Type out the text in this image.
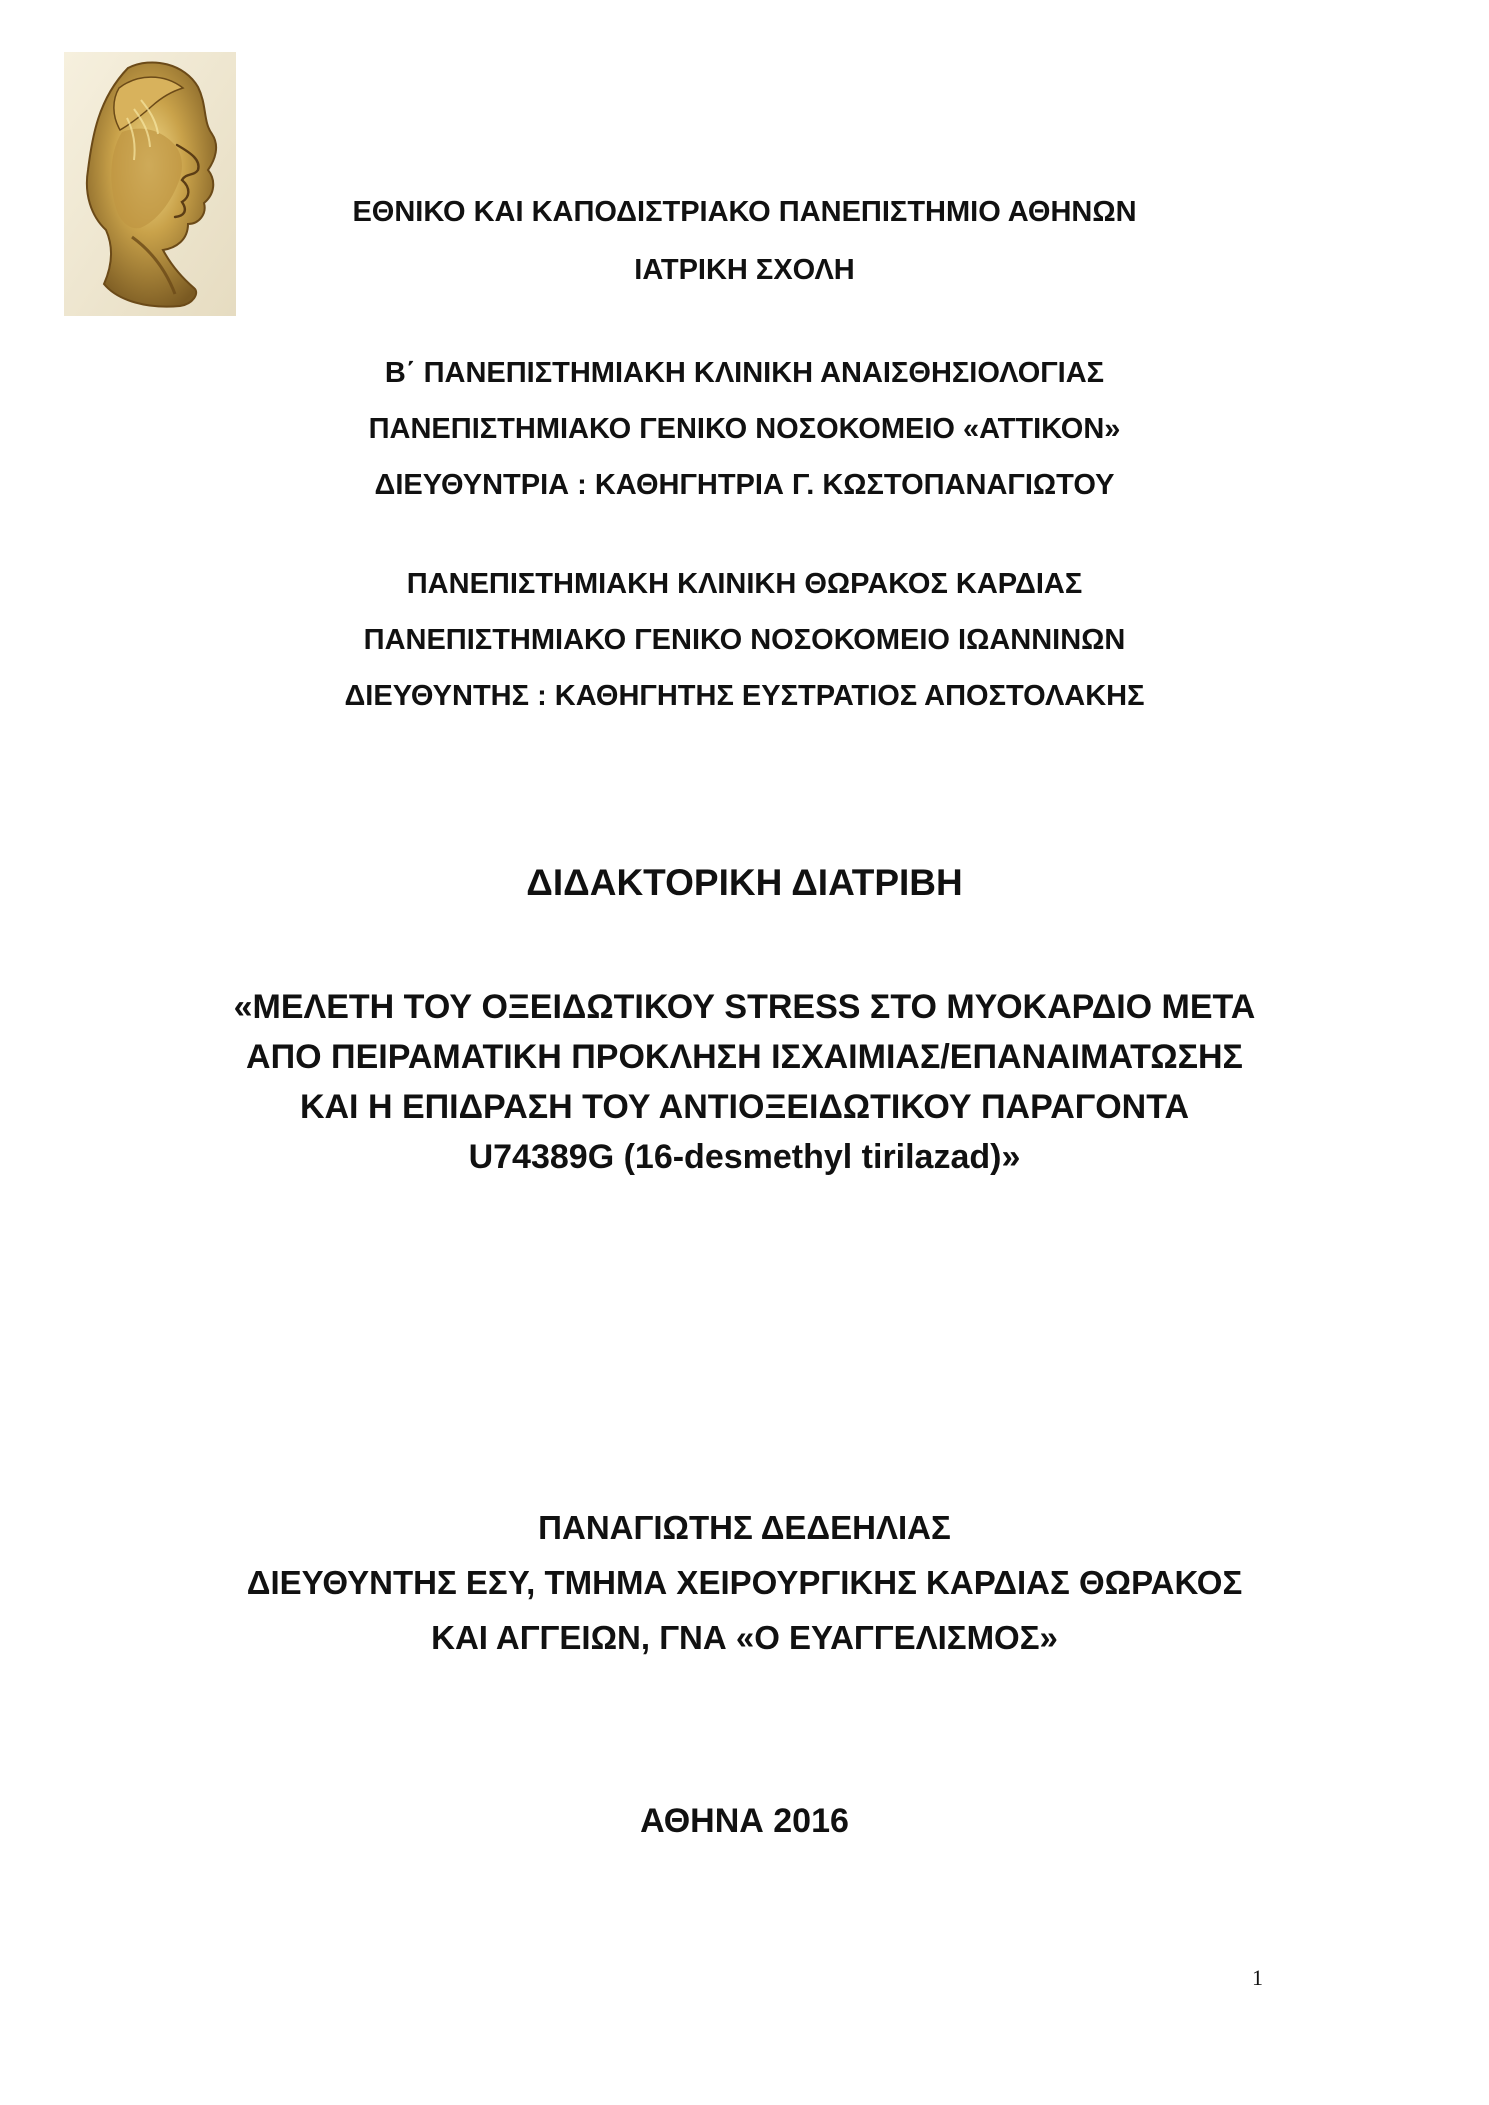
ΕΘΝΙΚΟ ΚΑΙ ΚΑΠΟΔΙΣΤΡΙΑΚΟ ΠΑΝΕΠΙΣΤΗΜΙΟ ΑΘΗΝΩΝ
ΙΑΤΡΙΚΗ ΣΧΟΛΗ
Β΄ ΠΑΝΕΠΙΣΤΗΜΙΑΚΗ ΚΛΙΝΙΚΗ ΑΝΑΙΣΘΗΣΙΟΛΟΓΙΑΣ
ΠΑΝΕΠΙΣΤΗΜΙΑΚΟ ΓΕΝΙΚΟ ΝΟΣΟΚΟΜΕΙΟ «ΑΤΤΙΚΟΝ»
ΔΙΕΥΘΥΝΤΡΙΑ : ΚΑΘΗΓΗΤΡΙΑ Γ. ΚΩΣΤΟΠΑΝΑΓΙΩΤΟΥ
ΠΑΝΕΠΙΣΤΗΜΙΑΚΗ ΚΛΙΝΙΚΗ ΘΩΡΑΚΟΣ ΚΑΡΔΙΑΣ
ΠΑΝΕΠΙΣΤΗΜΙΑΚΟ ΓΕΝΙΚΟ ΝΟΣΟΚΟΜΕΙΟ ΙΩΑΝΝΙΝΩΝ
ΔΙΕΥΘΥΝΤΗΣ : ΚΑΘΗΓΗΤΗΣ ΕΥΣΤΡΑΤΙΟΣ ΑΠΟΣΤΟΛΑΚΗΣ
ΔΙΔΑΚΤΟΡΙΚΗ ΔΙΑΤΡΙΒΗ
«ΜΕΛΕΤΗ ΤΟΥ ΟΞΕΙΔΩΤΙΚΟΥ STRESS ΣΤΟ ΜΥΟΚΑΡΔΙΟ ΜΕΤΑ
ΑΠΟ ΠΕΙΡΑΜΑΤΙΚΗ ΠΡΟΚΛΗΣΗ ΙΣΧΑΙΜΙΑΣ/ΕΠΑΝΑΙΜΑΤΩΣΗΣ
ΚΑΙ Η ΕΠΙΔΡΑΣΗ ΤΟΥ ΑΝΤΙΟΞΕΙΔΩΤΙΚΟΥ ΠΑΡΑΓΟΝΤΑ
U74389G (16-desmethyl tirilazad)»
ΠΑΝΑΓΙΩΤΗΣ ΔΕΔΕΗΛΙΑΣ
ΔΙΕΥΘΥΝΤΗΣ ΕΣΥ, ΤΜΗΜΑ ΧΕΙΡΟΥΡΓΙΚΗΣ ΚΑΡΔΙΑΣ ΘΩΡΑΚΟΣ
ΚΑΙ ΑΓΓΕΙΩΝ, ΓΝΑ «Ο ΕΥΑΓΓΕΛΙΣΜΟΣ»
ΑΘΗΝΑ 2016
1
